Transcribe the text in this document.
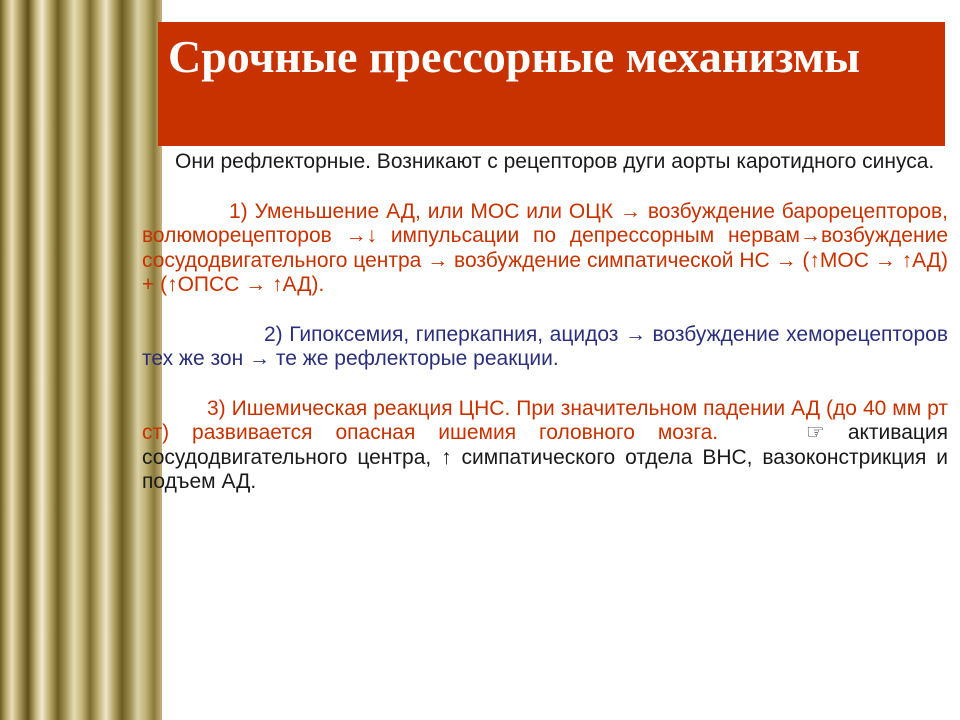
Срочные прессорные механизмы

Они рефлекторные. Возникают с рецепторов дуги аорты каротидного синуса.

1) Уменьшение АД, или МОС или ОЦК → возбуждение барорецепторов, волюморецепторов →↓ импульсации по депрессорным нервам→возбуждение сосудодвигательного центра → возбуждение симпатической НС → (↑МОС → ↑АД) + (↑ОПСС → ↑АД).

2) Гипоксемия, гиперкапния, ацидоз → возбуждение хеморецепторов тех же зон → те же рефлекторые реакции.

3) Ишемическая реакция ЦНС. При значительном падении АД (до 40 мм рт ст) развивается опасная ишемия головного мозга.	☞ активация сосудодвигательного центра, ↑ симпатического отдела ВНС, вазоконстрикция и подъем АД.
